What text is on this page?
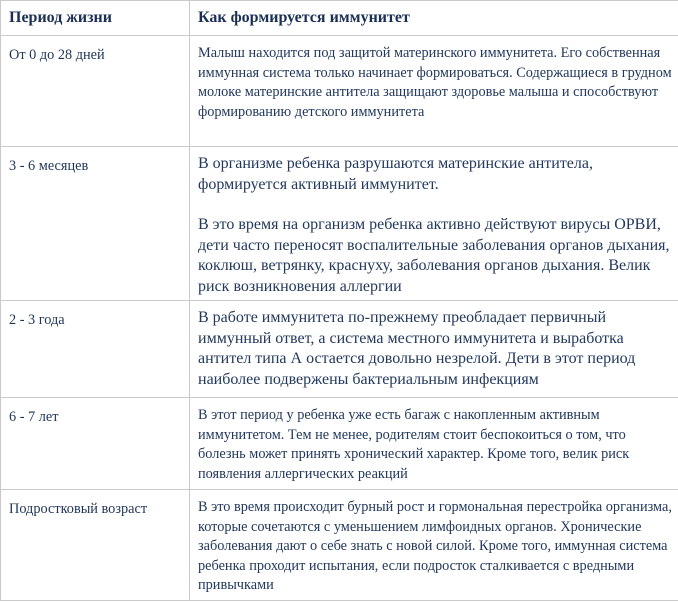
Период жизни	Как формируется иммунитет
От 0 до 28 дней	Малыш находится под защитой материнского иммунитета. Его собственная иммунная система только начинает формироваться. Содержащиеся в грудном молоке материнские антитела защищают здоровье малыша и способствуют формированию детского иммунитета

3 - 6 месяцев	В организме ребенка разрушаются материнские антитела, формируется активный иммунитет.

В это время на организм ребенка активно действуют вирусы ОРВИ, дети часто переносят воспалительные заболевания органов дыхания, коклюш, ветрянку, краснуху, заболевания органов дыхания. Велик риск возникновения аллергии

2 - 3 года	В работе иммунитета по-прежнему преобладает первичный иммунный ответ, а система местного иммунитета и выработка антител типа А остается довольно незрелой. Дети в этот период наиболее подвержены бактериальным инфекциям

6 - 7 лет	В этот период у ребенка уже есть багаж с накопленным активным иммунитетом. Тем не менее, родителям стоит беспокоиться о том, что болезнь может принять хронический характер. Кроме того, велик риск появления аллергических реакций

Подростковый возраст	В это время происходит бурный рост и гормональная перестройка организма, которые сочетаются с уменьшением лимфоидных органов. Хронические заболевания дают о себе знать с новой силой. Кроме того, иммунная система ребенка проходит испытания, если подросток сталкивается с вредными привычками
